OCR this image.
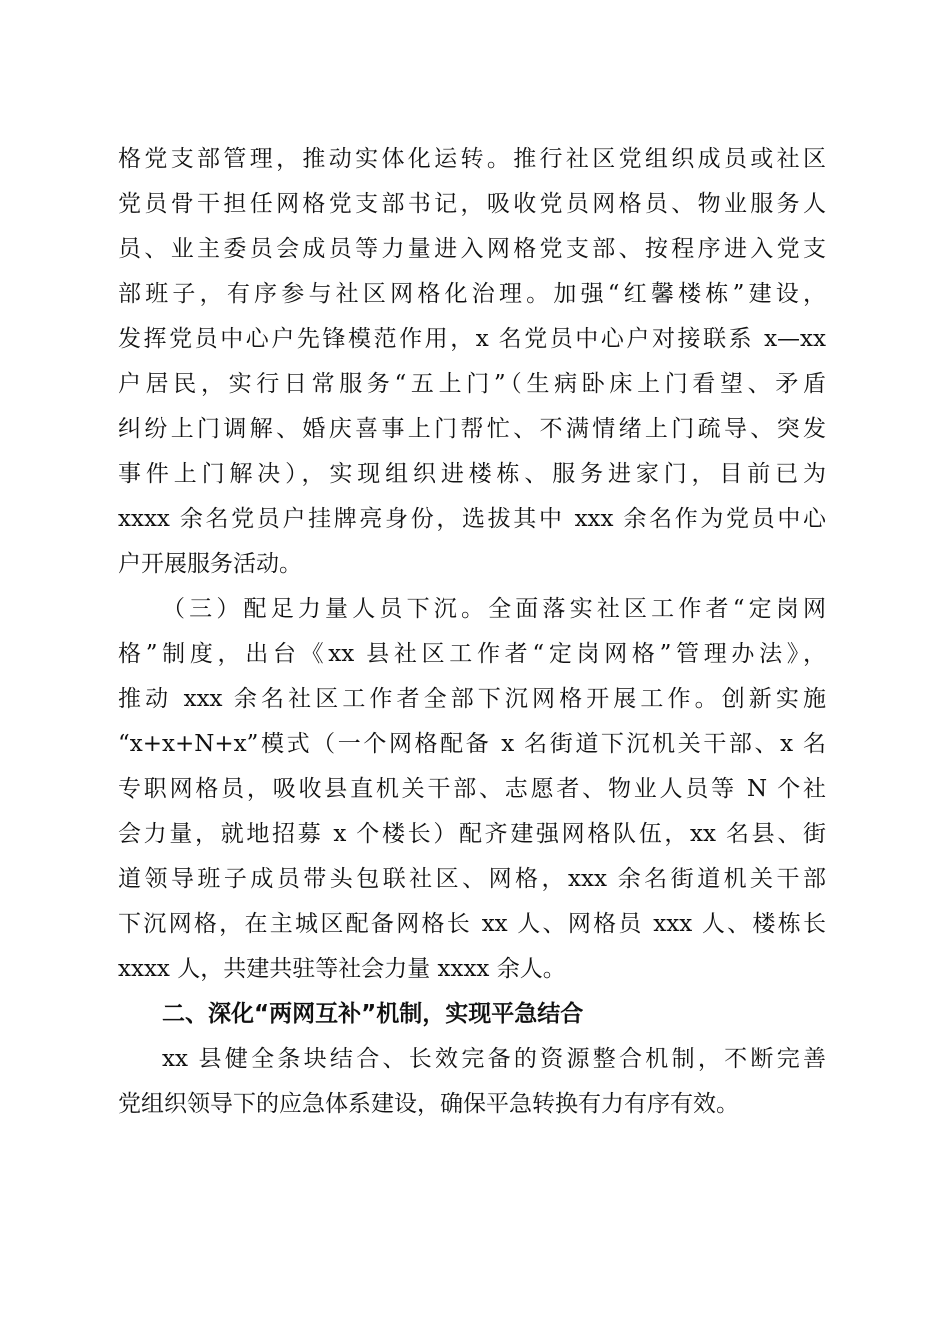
格党支部管理，推动实体化运转。推行社区党组织成员或社区
党员骨干担任网格党支部书记，吸收党员网格员、物业服务人
员、业主委员会成员等力量进入网格党支部、按程序进入党支
部班子，有序参与社区网格化治理。加强“红馨楼栋”建设，
发挥党员中心户先锋模范作用，x 名党员中心户对接联系 x—xx
户居民，实行日常服务“五上门”（生病卧床上门看望、矛盾
纠纷上门调解、婚庆喜事上门帮忙、不满情绪上门疏导、突发
事件上门解决），实现组织进楼栋、服务进家门，目前已为
xxxx 余名党员户挂牌亮身份，选拔其中 xxx 余名作为党员中心
户开展服务活动。
（三）配足力量人员下沉。全面落实社区工作者“定岗网
格”制度，出台《xx 县社区工作者“定岗网格”管理办法》，
推动 xxx 余名社区工作者全部下沉网格开展工作。创新实施
“x+x+N+x”模式（一个网格配备 x 名街道下沉机关干部、x 名
专职网格员，吸收县直机关干部、志愿者、物业人员等 N 个社
会力量，就地招募 x 个楼长）配齐建强网格队伍，xx 名县、街
道领导班子成员带头包联社区、网格，xxx 余名街道机关干部
下沉网格，在主城区配备网格长 xx 人、网格员 xxx 人、楼栋长
xxxx 人，共建共驻等社会力量 xxxx 余人。
二、深化“两网互补”机制，实现平急结合
xx 县健全条块结合、长效完备的资源整合机制，不断完善
党组织领导下的应急体系建设，确保平急转换有力有序有效。
